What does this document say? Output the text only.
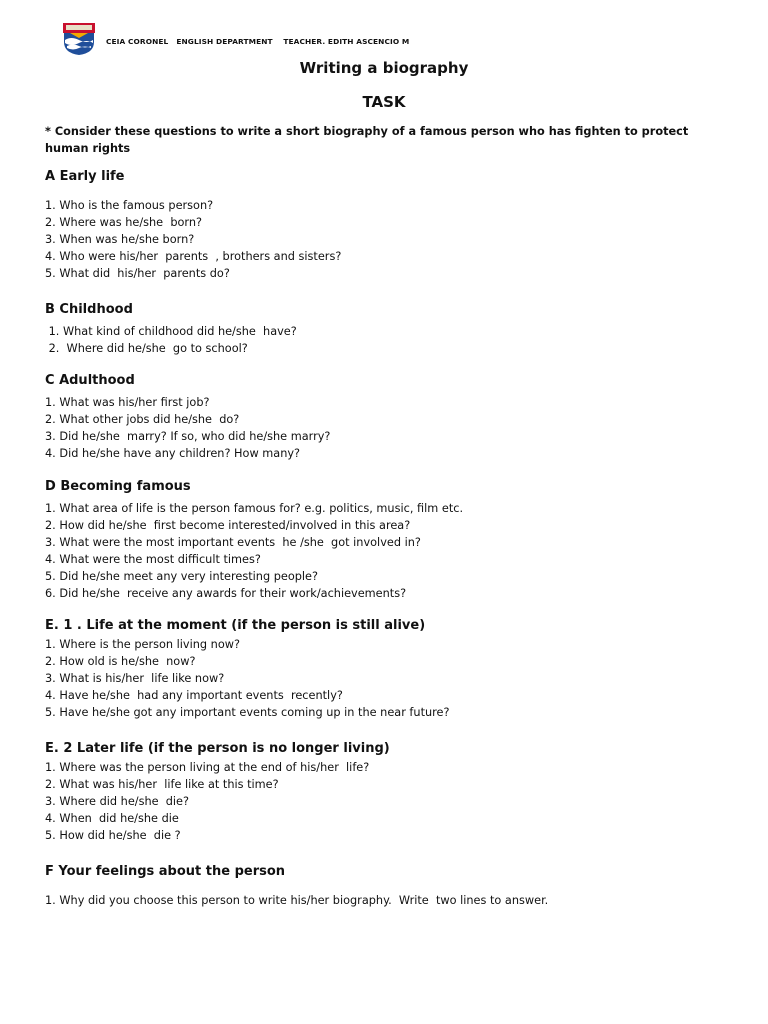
CEIA CORONEL   ENGLISH DEPARTMENT    TEACHER. EDITH ASCENCIO M
Writing a biography
TASK
* Consider these questions to write a short biography of a famous person who has fighten to protect human rights
A Early life
1. Who is the famous person?
2. Where was he/she  born?
3. When was he/she born?
4. Who were his/her  parents  , brothers and sisters?
5. What did  his/her  parents do?
B Childhood
1. What kind of childhood did he/she  have?
2.  Where did he/she  go to school?
C Adulthood
1. What was his/her first job?
2. What other jobs did he/she  do?
3. Did he/she  marry? If so, who did he/she marry?
4. Did he/she have any children? How many?
D Becoming famous
1. What area of life is the person famous for? e.g. politics, music, film etc.
2. How did he/she  first become interested/involved in this area?
3. What were the most important events  he /she  got involved in?
4. What were the most difficult times?
5. Did he/she meet any very interesting people?
6. Did he/she  receive any awards for their work/achievements?
E. 1 . Life at the moment (if the person is still alive)
1. Where is the person living now?
2. How old is he/she  now?
3. What is his/her  life like now?
4. Have he/she  had any important events  recently?
5. Have he/she got any important events coming up in the near future?
E. 2 Later life (if the person is no longer living)
1. Where was the person living at the end of his/her  life?
2. What was his/her  life like at this time?
3. Where did he/she  die?
4. When  did he/she die
5. How did he/she  die ?
F Your feelings about the person
1. Why did you choose this person to write his/her biography.  Write  two lines to answer.
